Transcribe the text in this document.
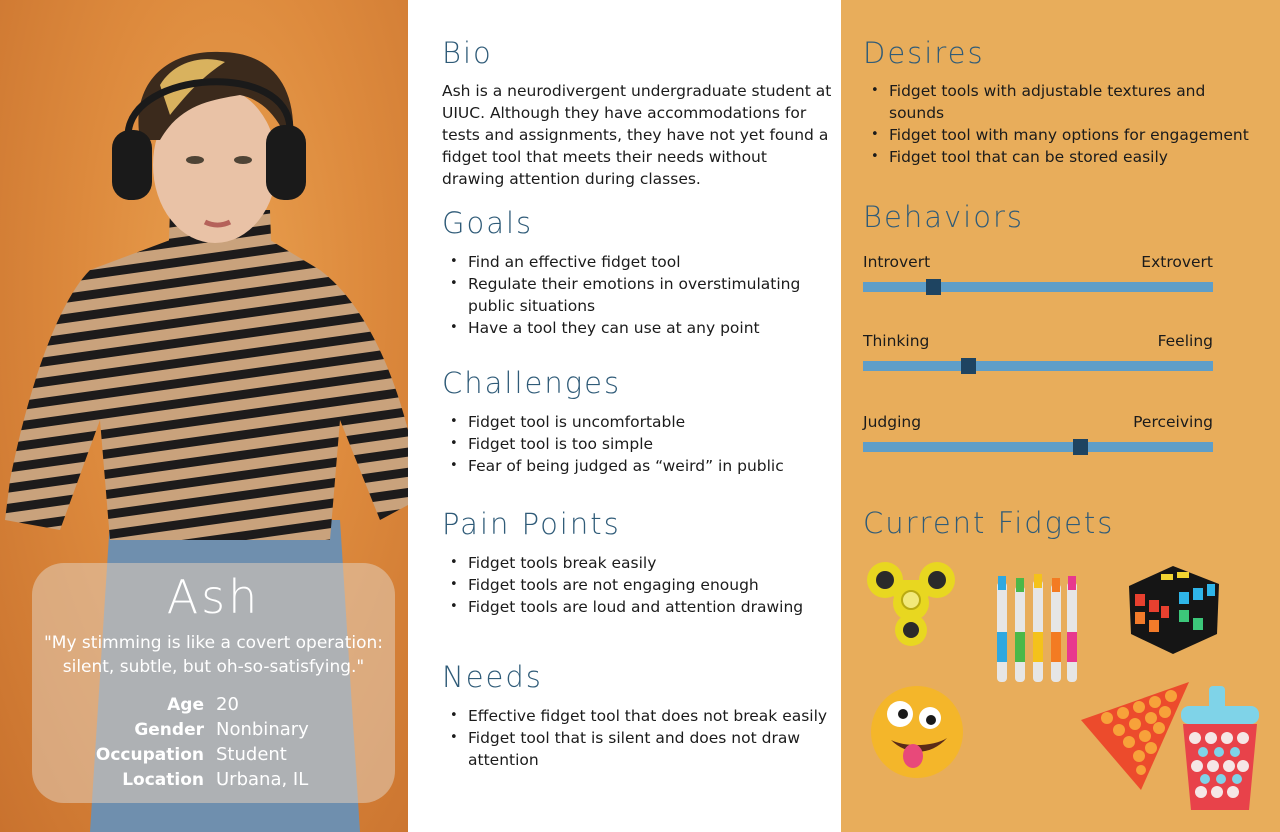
Ash
"My stimming is like a covert operation: silent, subtle, but oh-so-satisfying."
Age 20
Gender Nonbinary
Occupation Student
Location Urbana, IL
Bio
Ash is a neurodivergent undergraduate student at UIUC. Although they have accommodations for tests and assignments, they have not yet found a fidget tool that meets their needs without drawing attention during classes.
Goals
• Find an effective fidget tool
• Regulate their emotions in overstimulating public situations
• Have a tool they can use at any point
Challenges
• Fidget tool is uncomfortable
• Fidget tool is too simple
• Fear of being judged as “weird” in public
Pain Points
• Fidget tools break easily
• Fidget tools are not engaging enough
• Fidget tools are loud and attention drawing
Needs
• Effective fidget tool that does not break easily
• Fidget tool that is silent and does not draw attention
Desires
• Fidget tools with adjustable textures and sounds
• Fidget tool with many options for engagement
• Fidget tool that can be stored easily
Behaviors
Introvert	Extrovert
Thinking	Feeling
Judging	Perceiving
Current Fidgets
